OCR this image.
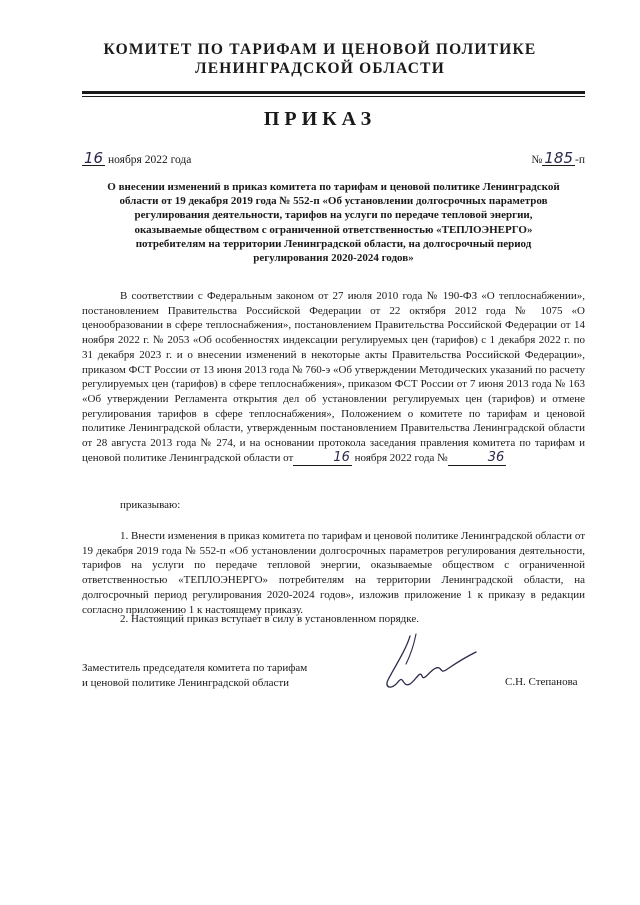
КОМИТЕТ ПО ТАРИФАМ И ЦЕНОВОЙ ПОЛИТИКЕ
ЛЕНИНГРАДСКОЙ ОБЛАСТИ
ПРИКАЗ
16 ноября 2022 года	№ 185 -п
О внесении изменений в приказ комитета по тарифам и ценовой политике Ленинградской
области от 19 декабря 2019 года № 552-п «Об установлении долгосрочных параметров
регулирования деятельности, тарифов на услуги по передаче тепловой энергии,
оказываемые обществом с ограниченной ответственностью «ТЕПЛОЭНЕРГО»
потребителям на территории Ленинградской области, на долгосрочный период
регулирования 2020-2024 годов»
В соответствии с Федеральным законом от 27 июля 2010 года № 190-ФЗ «О теплоснабжении», постановлением Правительства Российской Федерации от 22 октября 2012 года № 1075 «О ценообразовании в сфере теплоснабжения», постановлением Правительства Российской Федерации от 14 ноября 2022 г. № 2053 «Об особенностях индексации регулируемых цен (тарифов) с 1 декабря 2022 г. по 31 декабря 2023 г. и о внесении изменений в некоторые акты Правительства Российской Федерации», приказом ФСТ России от 13 июня 2013 года № 760-э «Об утверждении Методических указаний по расчету регулируемых цен (тарифов) в сфере теплоснабжения», приказом ФСТ России от 7 июня 2013 года № 163 «Об утверждении Регламента открытия дел об установлении регулируемых цен (тарифов) и отмене регулирования тарифов в сфере теплоснабжения», Положением о комитете по тарифам и ценовой политике Ленинградской области, утвержденным постановлением Правительства Ленинградской области от 28 августа 2013 года № 274, и на основании протокола заседания правления комитета по тарифам и ценовой политике Ленинградской области от	16 ноября 2022 года №	36
приказываю:
1. Внести изменения в приказ комитета по тарифам и ценовой политике Ленинградской области от 19 декабря 2019 года № 552-п «Об установлении долгосрочных параметров регулирования деятельности, тарифов на услуги по передаче тепловой энергии, оказываемые обществом с ограниченной ответственностью «ТЕПЛОЭНЕРГО» потребителям на территории Ленинградской области, на долгосрочный период регулирования 2020-2024 годов», изложив приложение 1 к приказу в редакции согласно приложению 1 к настоящему приказу.
2. Настоящий приказ вступает в силу в установленном порядке.
Заместитель председателя комитета по тарифам
и ценовой политике Ленинградской области	С.Н. Степанова
